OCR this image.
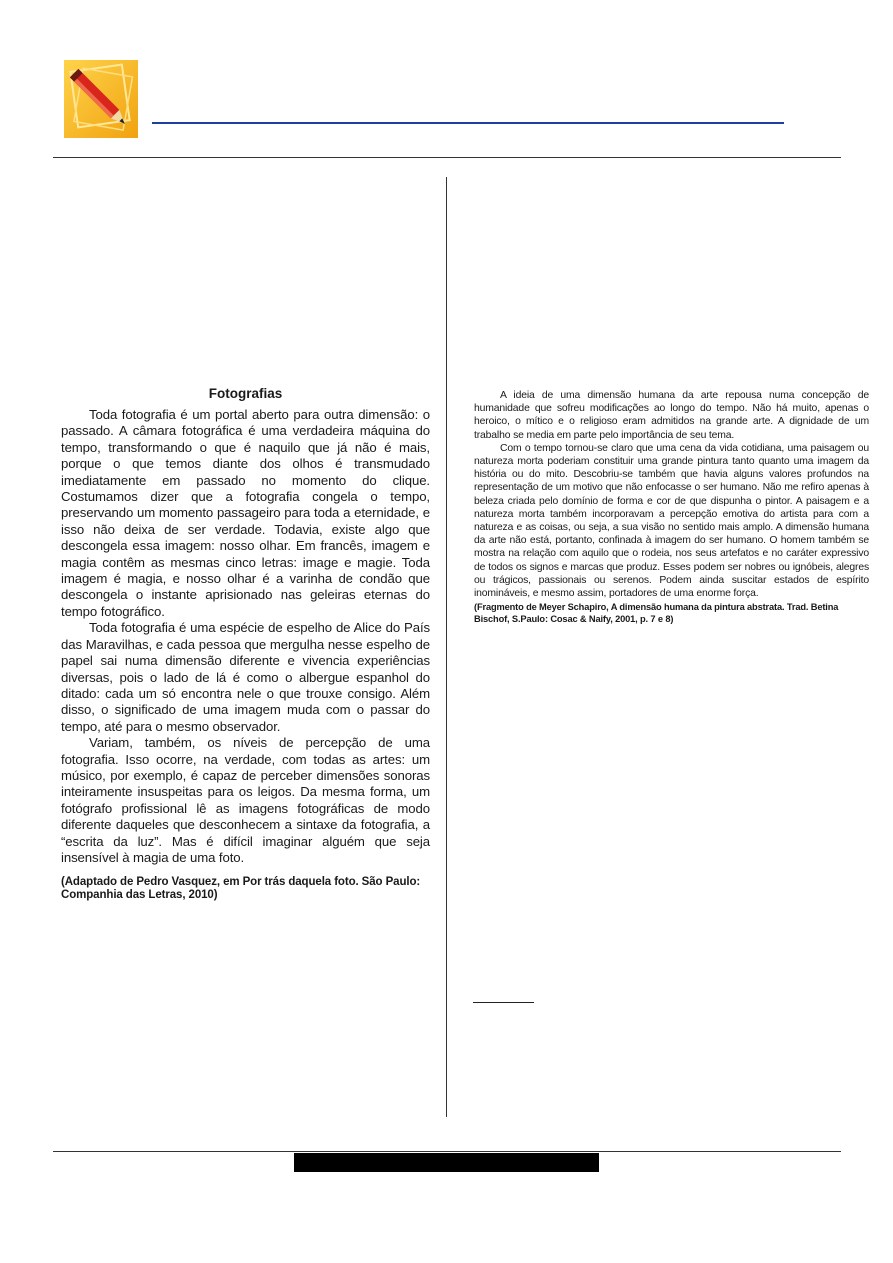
Fotografias

Toda fotografia é um portal aberto para outra dimensão: o passado. A câmara fotográfica é uma verdadeira máquina do tempo, transformando o que é naquilo que já não é mais, porque o que temos diante dos olhos é transmudado imediatamente em passado no momento do clique. Costumamos dizer que a fotografia congela o tempo, preservando um momento passageiro para toda a eternidade, e isso não deixa de ser verdade. Todavia, existe algo que descongela essa imagem: nosso olhar. Em francês, imagem e magia contêm as mesmas cinco letras: image e magie. Toda imagem é magia, e nosso olhar é a varinha de condão que descongela o instante aprisionado nas geleiras eternas do tempo fotográfico.

Toda fotografia é uma espécie de espelho de Alice do País das Maravilhas, e cada pessoa que mergulha nesse espelho de papel sai numa dimensão diferente e vivencia experiências diversas, pois o lado de lá é como o albergue espanhol do ditado: cada um só encontra nele o que trouxe consigo. Além disso, o significado de uma imagem muda com o passar do tempo, até para o mesmo observador.

Variam, também, os níveis de percepção de uma fotografia. Isso ocorre, na verdade, com todas as artes: um músico, por exemplo, é capaz de perceber dimensões sonoras inteiramente insuspeitas para os leigos. Da mesma forma, um fotógrafo profissional lê as imagens fotográficas de modo diferente daqueles que desconhecem a sintaxe da fotografia, a “escrita da luz”. Mas é difícil imaginar alguém que seja insensível à magia de uma foto.

(Adaptado de Pedro Vasquez, em Por trás daquela foto. São Paulo: Companhia das Letras, 2010)

A ideia de uma dimensão humana da arte repousa numa concepção de humanidade que sofreu modificações ao longo do tempo. Não há muito, apenas o heroico, o mítico e o religioso eram admitidos na grande arte. A dignidade de um trabalho se media em parte pelo importância de seu tema.

Com o tempo tornou-se claro que uma cena da vida cotidiana, uma paisagem ou natureza morta poderiam constituir uma grande pintura tanto quanto uma imagem da história ou do mito. Descobriu-se também que havia alguns valores profundos na representação de um motivo que não enfocasse o ser humano. Não me refiro apenas à beleza criada pelo domínio de forma e cor de que dispunha o pintor. A paisagem e a natureza morta também incorporavam a percepção emotiva do artista para com a natureza e as coisas, ou seja, a sua visão no sentido mais amplo. A dimensão humana da arte não está, portanto, confinada à imagem do ser humano. O homem também se mostra na relação com aquilo que o rodeia, nos seus artefatos e no caráter expressivo de todos os signos e marcas que produz. Esses podem ser nobres ou ignóbeis, alegres ou trágicos, passionais ou serenos. Podem ainda suscitar estados de espírito inomináveis, e mesmo assim, portadores de uma enorme força.

(Fragmento de Meyer Schapiro, A dimensão humana da pintura abstrata. Trad. Betina Bischof, S.Paulo: Cosac & Naify, 2001, p. 7 e 8)
